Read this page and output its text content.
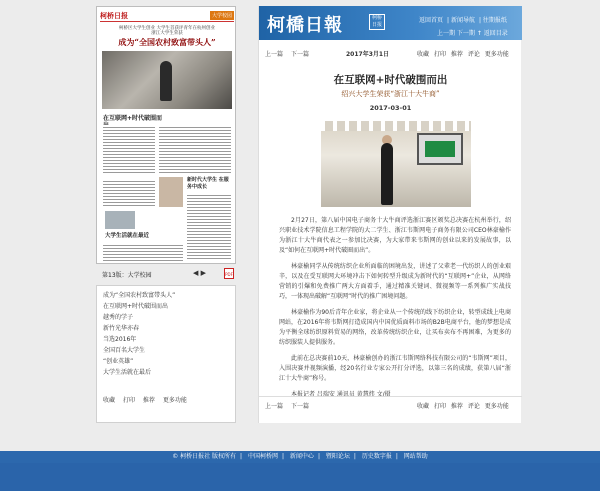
柯桥日报	大学校园
柯桥区大学生创业 大学生首获评青年在杭州创业
浙江大学生荣获
成为“全国农村致富带头人”
在互联网+时代破围而
新时代大学生 在服务中成长
大学生活就在最近
第13版：大学校园	◀ ▶	PDF
成为“全国农村致富带头人”
在互联网+时代破围而出
越秀的学子
新竹光华亦春
当选2016年
全国百名大学生
“创业英雄”
大学生活就在最后
收藏 打印 推荐 更多功能
柯橋日報	柯桥 日报
返回首页 | 新闻导航 | 往期报纸
上一期 下一期 ↑ 返回目录
上一篇 下一篇	2017年3月1日	收藏 打印 推荐 评论 更多功能
在互联网+时代破围而出
绍兴大学生荣获“浙江十大牛商”
2017-03-01

2月27日，第八届中国电子商务十大牛商评选浙江赛区颁奖总决赛在杭州举行，绍兴职业技术学院信息工程学院的大二学生、浙江韦斯网电子商务有限公司CEO林豪榆作为浙江十大牛商代表之一参加比决赛，为大家带来韦斯网的创业以来的发展故事，以及“如何在互联网+时代破圈而出”。

林豪榆同学从传统纺织企业所面临的困境出发，讲述了父辈老一代纺织人的创业艰辛，以及在受互联网大环境冲击下如何转型升级成为新时代的“互联网+”企业，从网络营销的引爆和免费推广两大方面着手，通过精准关键词、微视频等一系列推广实战技巧，一体现出破解“互联网”时代的推广困境问题。

林豪榆作为90后青年企业家，将企业从一个传统的线下纺织企业，转型成线上电商网站，在2016年将韦斯网打造成国内中国优质面料市场的B2B电商平台，他的梦想是成为平衡全球纺织原料贸易的网络，改革传统纺织企业，让买布卖布不再困难，为更多的纺织服装人提供服务。

此前在总决赛前10天，林豪榆创办的浙江韦斯网络科技有限公司的“韦斯网”项目，入围决赛并视频演播，经20名行业专家公开打分评选，以第三名的成绩，获第八届“浙江十大牛商”称号。

本报记者 吕瑞安 通讯员 黄慧炜 文/摄

上一篇 下一篇	收藏 打印 推荐 评论 更多功能
© 柯桥日报社 版权所有 | 中国柯桥网 | 新闻中心 | 暨阳论坛 | 历史数字报 | 网站帮助
